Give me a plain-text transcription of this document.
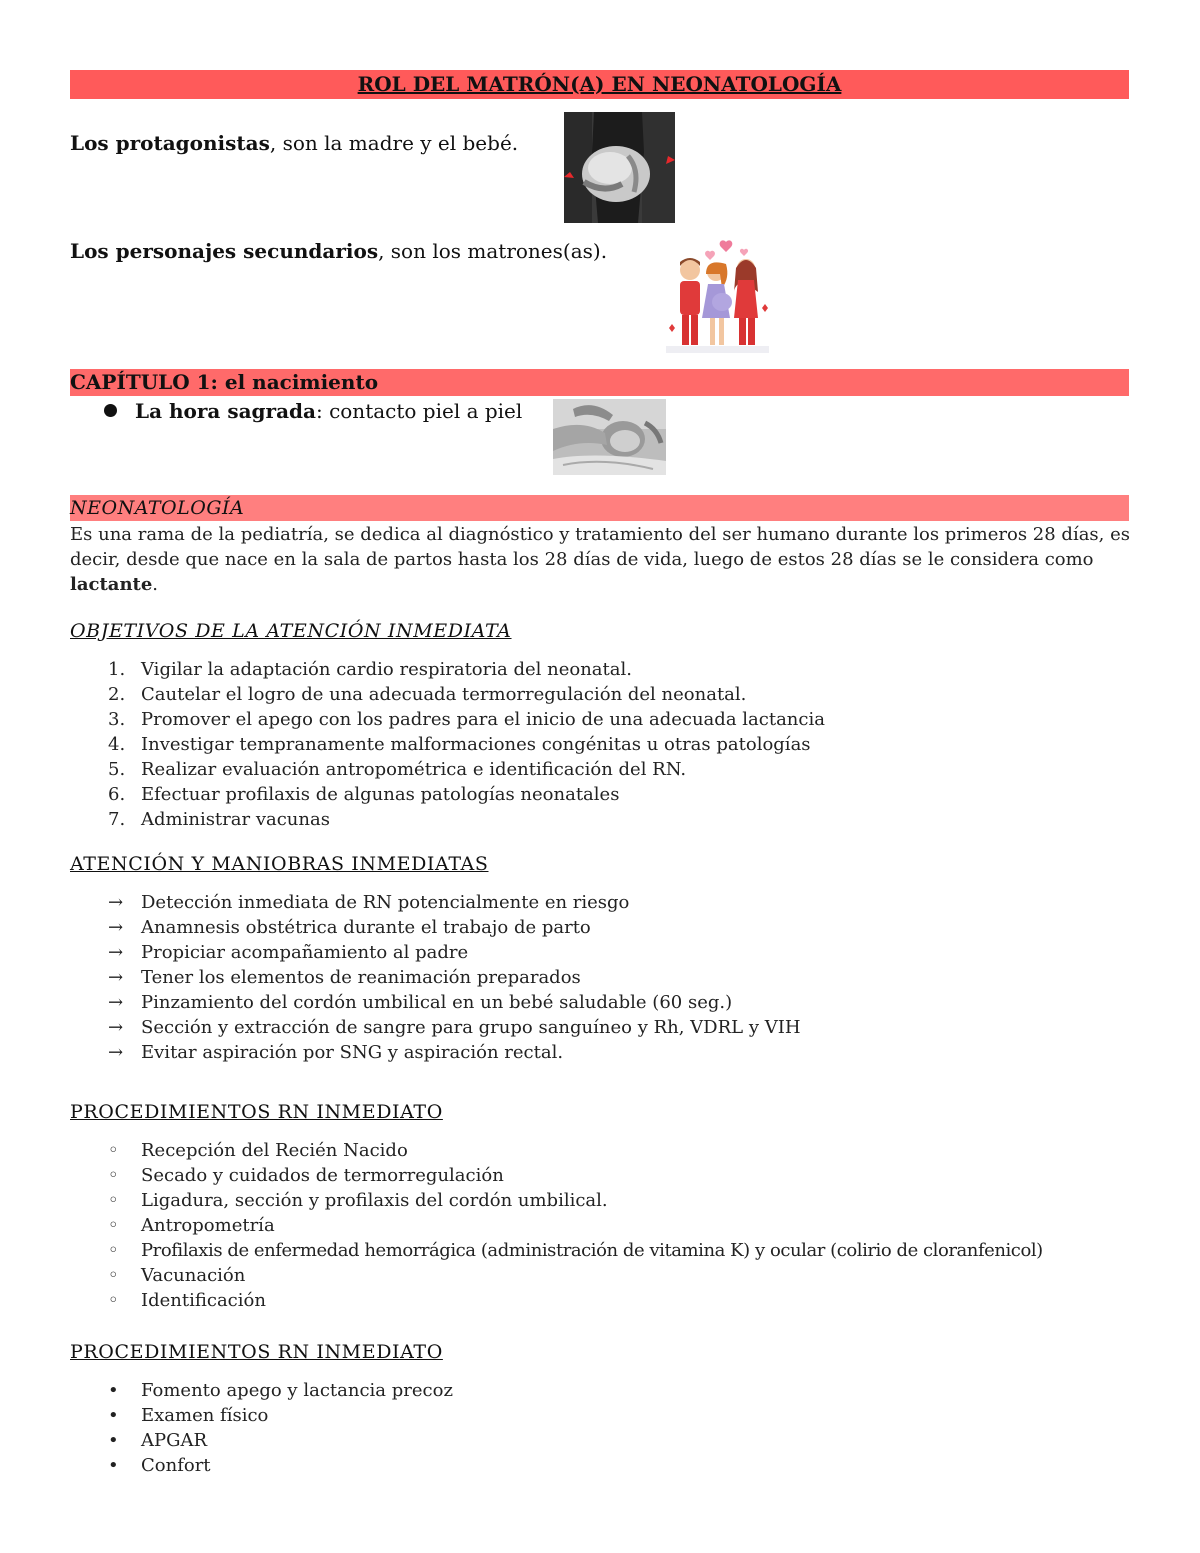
ROL DEL MATRÓN(A) EN NEONATOLOGÍA
Los protagonistas, son la madre y el bebé.
Los personajes secundarios, son los matrones(as).
CAPÍTULO 1: el nacimiento
La hora sagrada: contacto piel a piel
NEONATOLOGÍA
Es una rama de la pediatría, se dedica al diagnóstico y tratamiento del ser humano durante los primeros 28 días, es decir, desde que nace en la sala de partos hasta los 28 días de vida, luego de estos 28 días se le considera como lactante.
OBJETIVOS DE LA ATENCIÓN INMEDIATA
1. Vigilar la adaptación cardio respiratoria del neonatal.
2. Cautelar el logro de una adecuada termorregulación del neonatal.
3. Promover el apego con los padres para el inicio de una adecuada lactancia
4. Investigar tempranamente malformaciones congénitas u otras patologías
5. Realizar evaluación antropométrica e identificación del RN.
6. Efectuar profilaxis de algunas patologías neonatales
7. Administrar vacunas
ATENCIÓN Y MANIOBRAS INMEDIATAS
→ Detección inmediata de RN potencialmente en riesgo
→ Anamnesis obstétrica durante el trabajo de parto
→ Propiciar acompañamiento al padre
→ Tener los elementos de reanimación preparados
→ Pinzamiento del cordón umbilical en un bebé saludable (60 seg.)
→ Sección y extracción de sangre para grupo sanguíneo y Rh, VDRL y VIH
→ Evitar aspiración por SNG y aspiración rectal.
PROCEDIMIENTOS RN INMEDIATO
◦	Recepción del Recién Nacido
◦	Secado y cuidados de termorregulación
◦	Ligadura, sección y profilaxis del cordón umbilical.
◦	Antropometría
◦	Profilaxis de enfermedad hemorrágica (administración de vitamina K) y ocular (colirio de cloranfenicol)
◦	Vacunación
◦	Identificación
PROCEDIMIENTOS RN INMEDIATO
•	Fomento apego y lactancia precoz
•	Examen físico
•	APGAR
•	Confort
